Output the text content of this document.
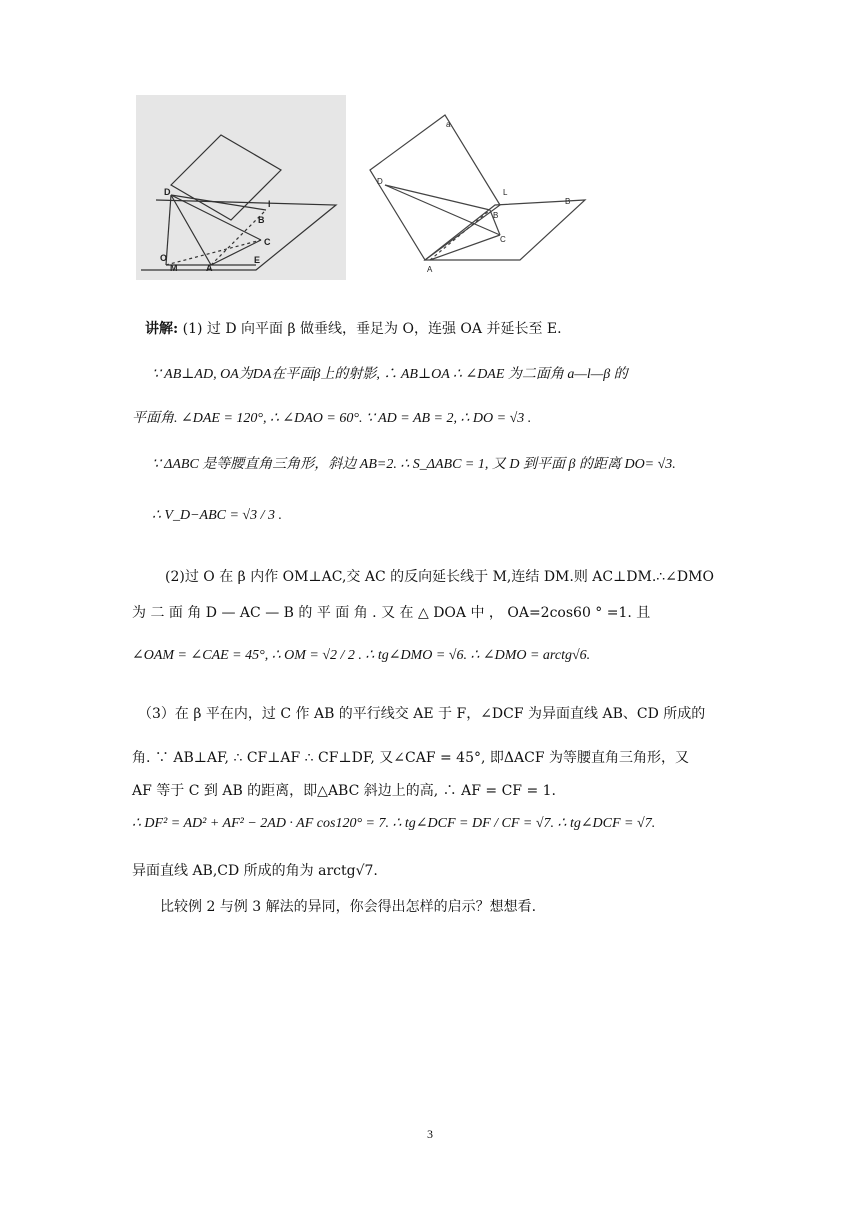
D
l
B
C
O
M	A
E
a
D
L
B
B
C
A
讲解: (1) 过 D 向平面 β 做垂线，垂足为 O，连强 OA 并延长至 E.
∵ AB⊥AD, OA为DA在平面β上的射影, ∴ AB⊥OA ∴ ∠DAE 为二面角 a—l—β 的
平面角. ∠DAE = 120°, ∴ ∠DAO = 60°. ∵ AD = AB = 2, ∴ DO = √3 .
∵ ΔABC 是等腰直角三角形，斜边 AB=2. ∴ S_ΔABC = 1, 又 D 到平面 β 的距离 DO= √3.
∴ V_D−ABC = √3 / 3 .
(2)过 O 在 β 内作 OM⊥AC,交 AC 的反向延长线于 M,连结 DM.则 AC⊥DM.∴∠DMO
为 二 面 角 D — AC — B 的 平 面 角 . 又 在 △ DOA 中 ， OA=2cos60 ° =1. 且
∠OAM = ∠CAE = 45°, ∴ OM = √2 / 2 . ∴ tg∠DMO = √6. ∴ ∠DMO = arctg√6.
（3）在 β 平在内，过 C 作 AB 的平行线交 AE 于 F，∠DCF 为异面直线 AB、CD 所成的
角. ∵ AB⊥AF, ∴ CF⊥AF ∴ CF⊥DF, 又∠CAF = 45°, 即ΔACF 为等腰直角三角形，又
AF 等于 C 到 AB 的距离，即△ABC 斜边上的高, ∴ AF = CF = 1.
∴ DF² = AD² + AF² − 2AD · AF cos120° = 7. ∴ tg∠DCF = DF / CF = √7. ∴ tg∠DCF = √7.
异面直线 AB,CD 所成的角为 arctg√7.
比较例 2 与例 3 解法的异同，你会得出怎样的启示？想想看.
3
